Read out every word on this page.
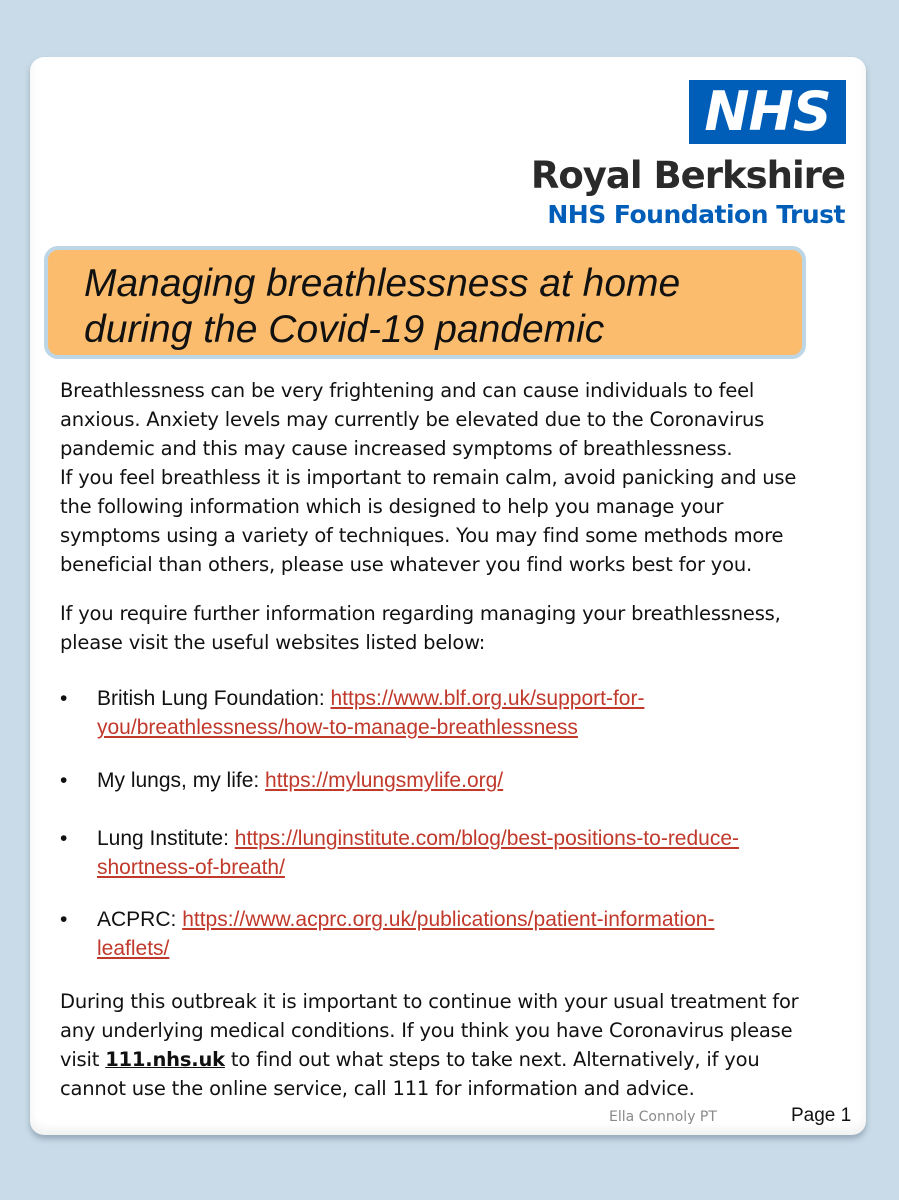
NHS
Royal Berkshire
NHS Foundation Trust
Managing breathlessness at home
during the Covid-19 pandemic

Breathlessness can be very frightening and can cause individuals to feel

anxious. Anxiety levels may currently be elevated due to the Coronavirus

pandemic and this may cause increased symptoms of breathlessness.

If you feel breathless it is important to remain calm, avoid panicking and use

the following information which is designed to help you manage your

symptoms using a variety of techniques. You may find some methods more

beneficial than others, please use whatever you find works best for you.

If you require further information regarding managing your breathlessness,

please visit the useful websites listed below:

• British Lung Foundation: https://www.blf.org.uk/support-for-
you/breathlessness/how-to-manage-breathlessness
• My lungs, my life: https://mylungsmylife.org/
• Lung Institute: https://lunginstitute.com/blog/best-positions-to-reduce-
shortness-of-breath/
• ACPRC: https://www.acprc.org.uk/publications/patient-information-
leaflets/

During this outbreak it is important to continue with your usual treatment for

any underlying medical conditions. If you think you have Coronavirus please

visit 111.nhs.uk to find out what steps to take next. Alternatively, if you

cannot use the online service, call 111 for information and advice.

Ella Connoly PT	Page 1
